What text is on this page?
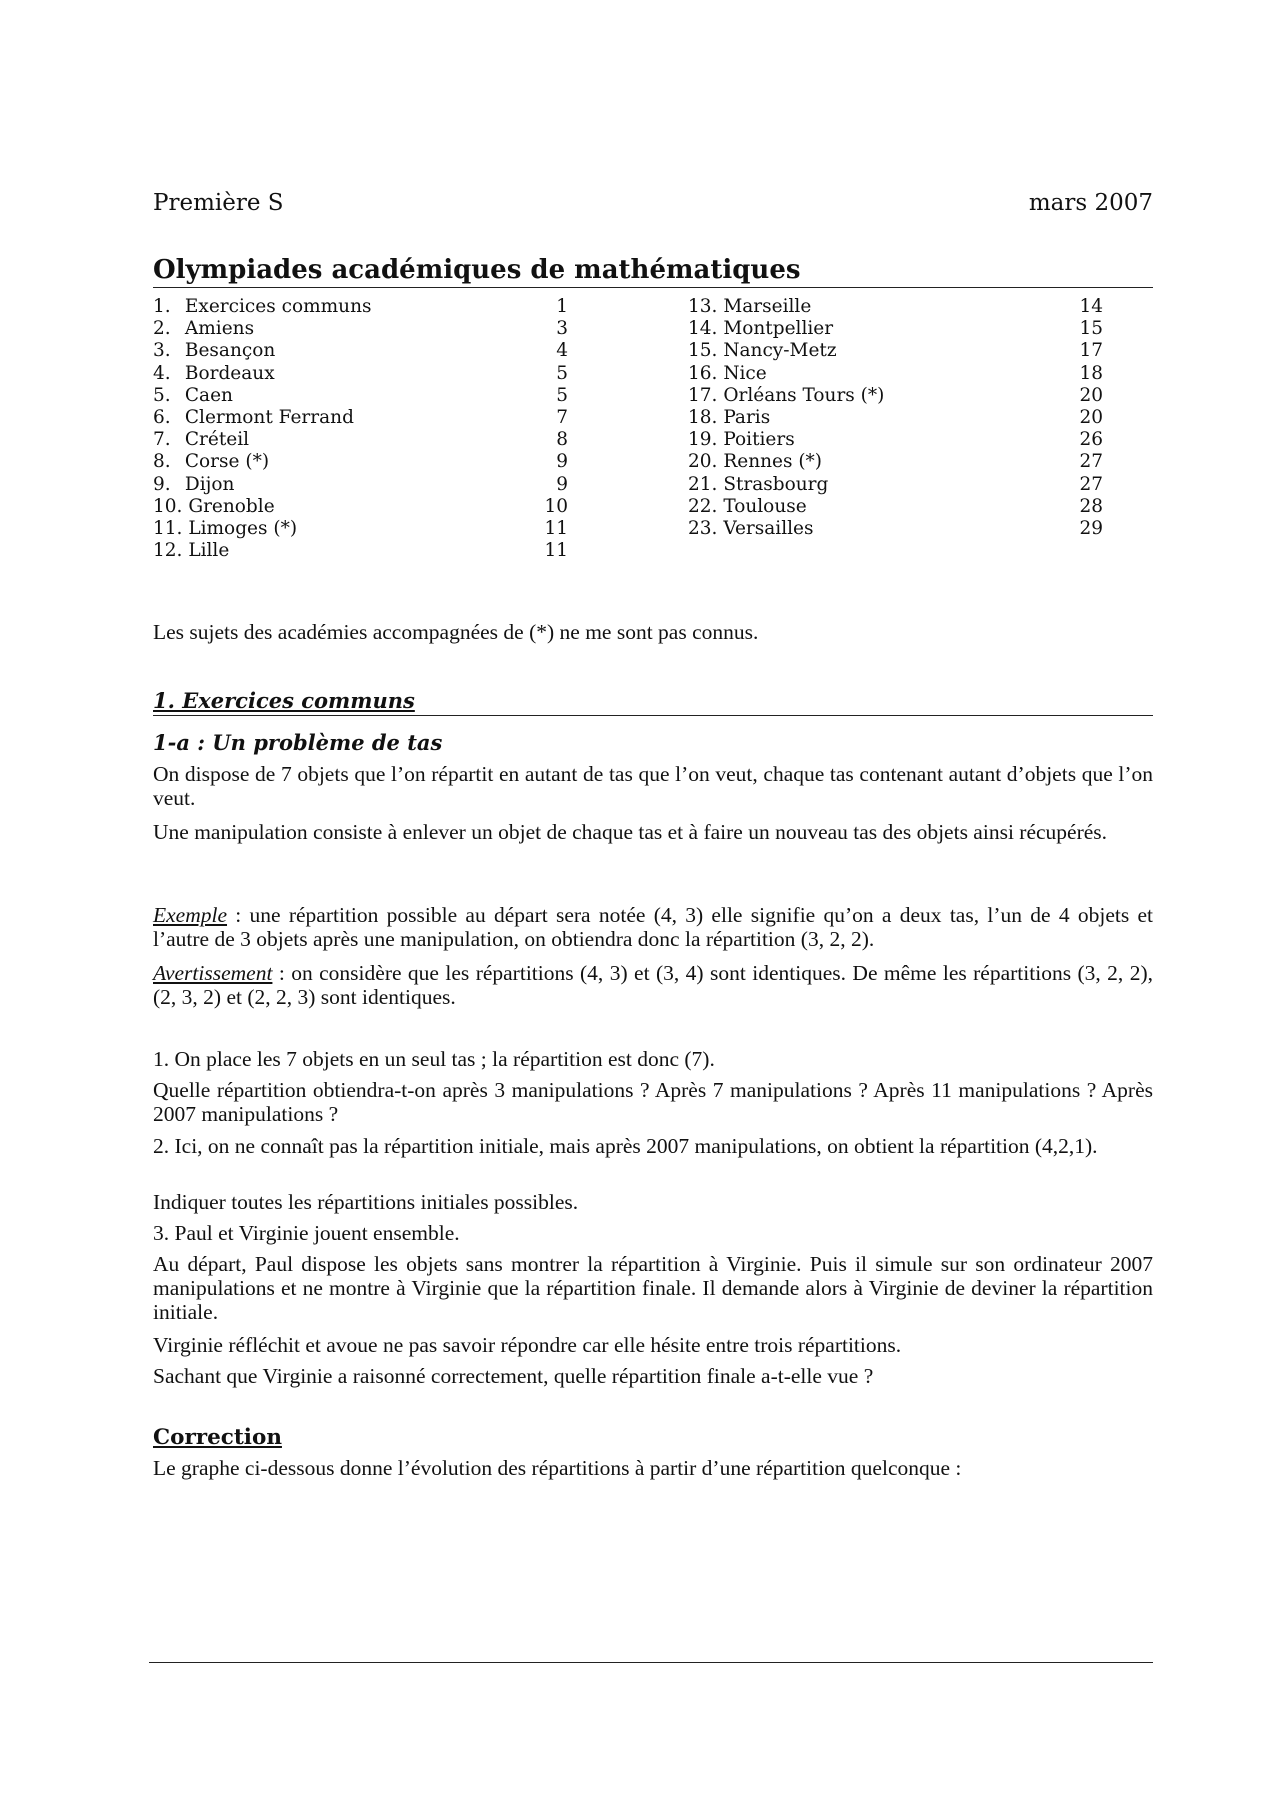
Première S	mars 2007
Olympiades académiques de mathématiques
1. Exercices communs	1
2. Amiens	3
3. Besançon	4
4. Bordeaux	5
5. Caen	5
6. Clermont Ferrand	7
7. Créteil	8
8. Corse (*)	9
9. Dijon	9
10. Grenoble	10
11. Limoges (*)	11
12. Lille	11
13. Marseille	14
14. Montpellier	15
15. Nancy-Metz	17
16. Nice	18
17. Orléans Tours (*)	20
18. Paris	20
19. Poitiers	26
20. Rennes (*)	27
21. Strasbourg	27
22. Toulouse	28
23. Versailles	29
Les sujets des académies accompagnées de (*) ne me sont pas connus.
1. Exercices communs
1-a : Un problème de tas
On dispose de 7 objets que l’on répartit en autant de tas que l’on veut, chaque tas contenant autant d’objets que l’on veut.
Une manipulation consiste à enlever un objet de chaque tas et à faire un nouveau tas des objets ainsi récupérés.
Exemple : une répartition possible au départ sera notée (4, 3) elle signifie qu’on a deux tas, l’un de 4 objets et l’autre de 3 objets après une manipulation, on obtiendra donc la répartition (3, 2, 2).
Avertissement : on considère que les répartitions (4, 3) et (3, 4) sont identiques. De même les répartitions (3, 2, 2), (2, 3, 2) et (2, 2, 3) sont identiques.
1. On place les 7 objets en un seul tas ; la répartition est donc (7).
Quelle répartition obtiendra-t-on après 3 manipulations ? Après 7 manipulations ? Après 11 manipulations ? Après 2007 manipulations ?
2. Ici, on ne connaît pas la répartition initiale, mais après 2007 manipulations, on obtient la répartition (4,2,1).
Indiquer toutes les répartitions initiales possibles.
3. Paul et Virginie jouent ensemble.
Au départ, Paul dispose les objets sans montrer la répartition à Virginie. Puis il simule sur son ordinateur 2007 manipulations et ne montre à Virginie que la répartition finale. Il demande alors à Virginie de deviner la répartition initiale.
Virginie réfléchit et avoue ne pas savoir répondre car elle hésite entre trois répartitions.
Sachant que Virginie a raisonné correctement, quelle répartition finale a-t-elle vue ?
Correction
Le graphe ci-dessous donne l’évolution des répartitions à partir d’une répartition quelconque :
